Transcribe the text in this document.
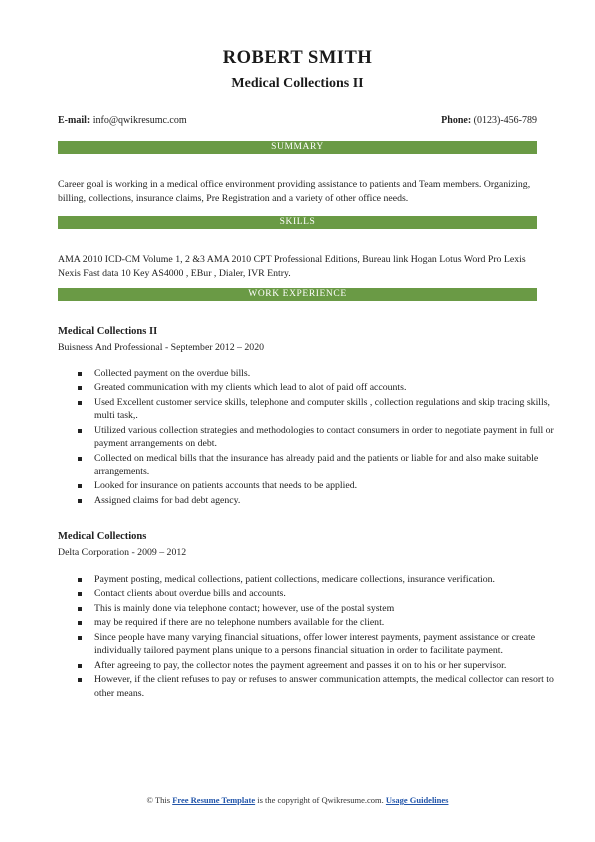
ROBERT SMITH
Medical Collections II
E-mail: info@qwikresumc.com	Phone: (0123)-456-789
SUMMARY
Career goal is working in a medical office environment providing assistance to patients and Team members. Organizing, billing, collections, insurance claims, Pre Registration and a variety of other office needs.
SKILLS
AMA 2010 ICD-CM Volume 1, 2 &3 AMA 2010 CPT Professional Editions, Bureau link Hogan Lotus Word Pro Lexis Nexis Fast data 10 Key AS4000 , EBur , Dialer, IVR Entry.
WORK EXPERIENCE
Medical Collections II
Buisness And Professional - September 2012 – 2020
Collected payment on the overdue bills.
Greated communication with my clients which lead to alot of paid off accounts.
Used Excellent customer service skills, telephone and computer skills , collection regulations and skip tracing skills, multi task,.
Utilized various collection strategies and methodologies to contact consumers in order to negotiate payment in full or payment arrangements on debt.
Collected on medical bills that the insurance has already paid and the patients or liable for and also make suitable arrangements.
Looked for insurance on patients accounts that needs to be applied.
Assigned claims for bad debt agency.
Medical Collections
Delta Corporation - 2009 – 2012
Payment posting, medical collections, patient collections, medicare collections, insurance verification.
Contact clients about overdue bills and accounts.
This is mainly done via telephone contact; however, use of the postal system
may be required if there are no telephone numbers available for the client.
Since people have many varying financial situations, offer lower interest payments, payment assistance or create individually tailored payment plans unique to a persons financial situation in order to facilitate payment.
After agreeing to pay, the collector notes the payment agreement and passes it on to his or her supervisor.
However, if the client refuses to pay or refuses to answer communication attempts, the medical collector can resort to other means.
© This Free Resume Template is the copyright of Qwikresume.com. Usage Guidelines
